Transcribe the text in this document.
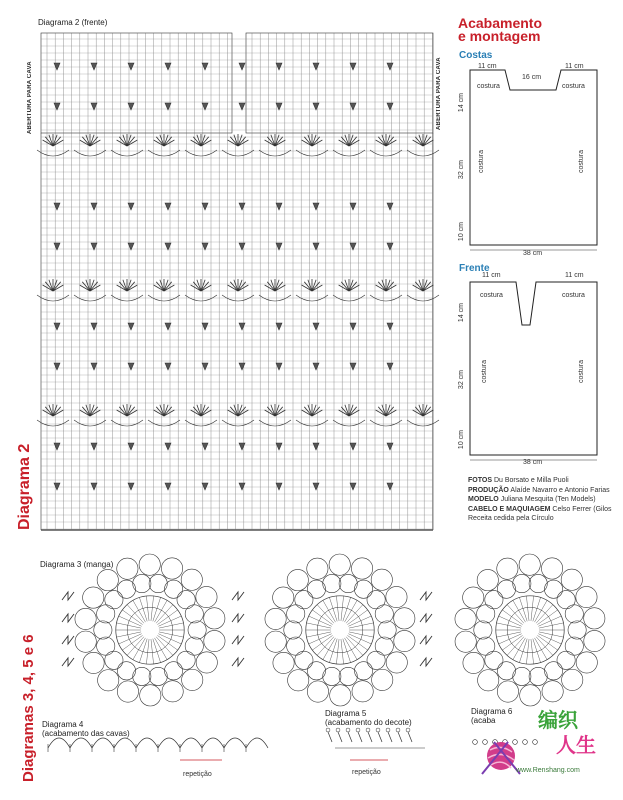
Diagrama 2 (frente)
ABERTURA PARA CAVA	ABERTURA PARA CAVA
Diagrama 2
Acabamento
e montagem
Costas
11 cm
16 cm
11 cm
costura	costura
costura	costura
14 cm
32 cm
10 cm
38 cm
Frente
11 cm	11 cm
costura	costura
costura	costura
14 cm
32 cm
10 cm
38 cm
FOTOS Du Borsato e Milla Puoli
PRODUÇÃO Alaíde Navarro e Antonio Farias
MODELO Juliana Mesquita (Ten Models)
CABELO E MAQUIAGEM Celso Ferrer (Gilos
Receita cedida pela Círculo
Diagrama 3 (manga)
Diagramas 3, 4, 5 e 6 Diagrama 4
(acabamento das cavas)
repetição
Diagrama 5
(acabamento do decote)
repetição
Diagrama 6
(acaba	编织
人生
www.Renshang.com
